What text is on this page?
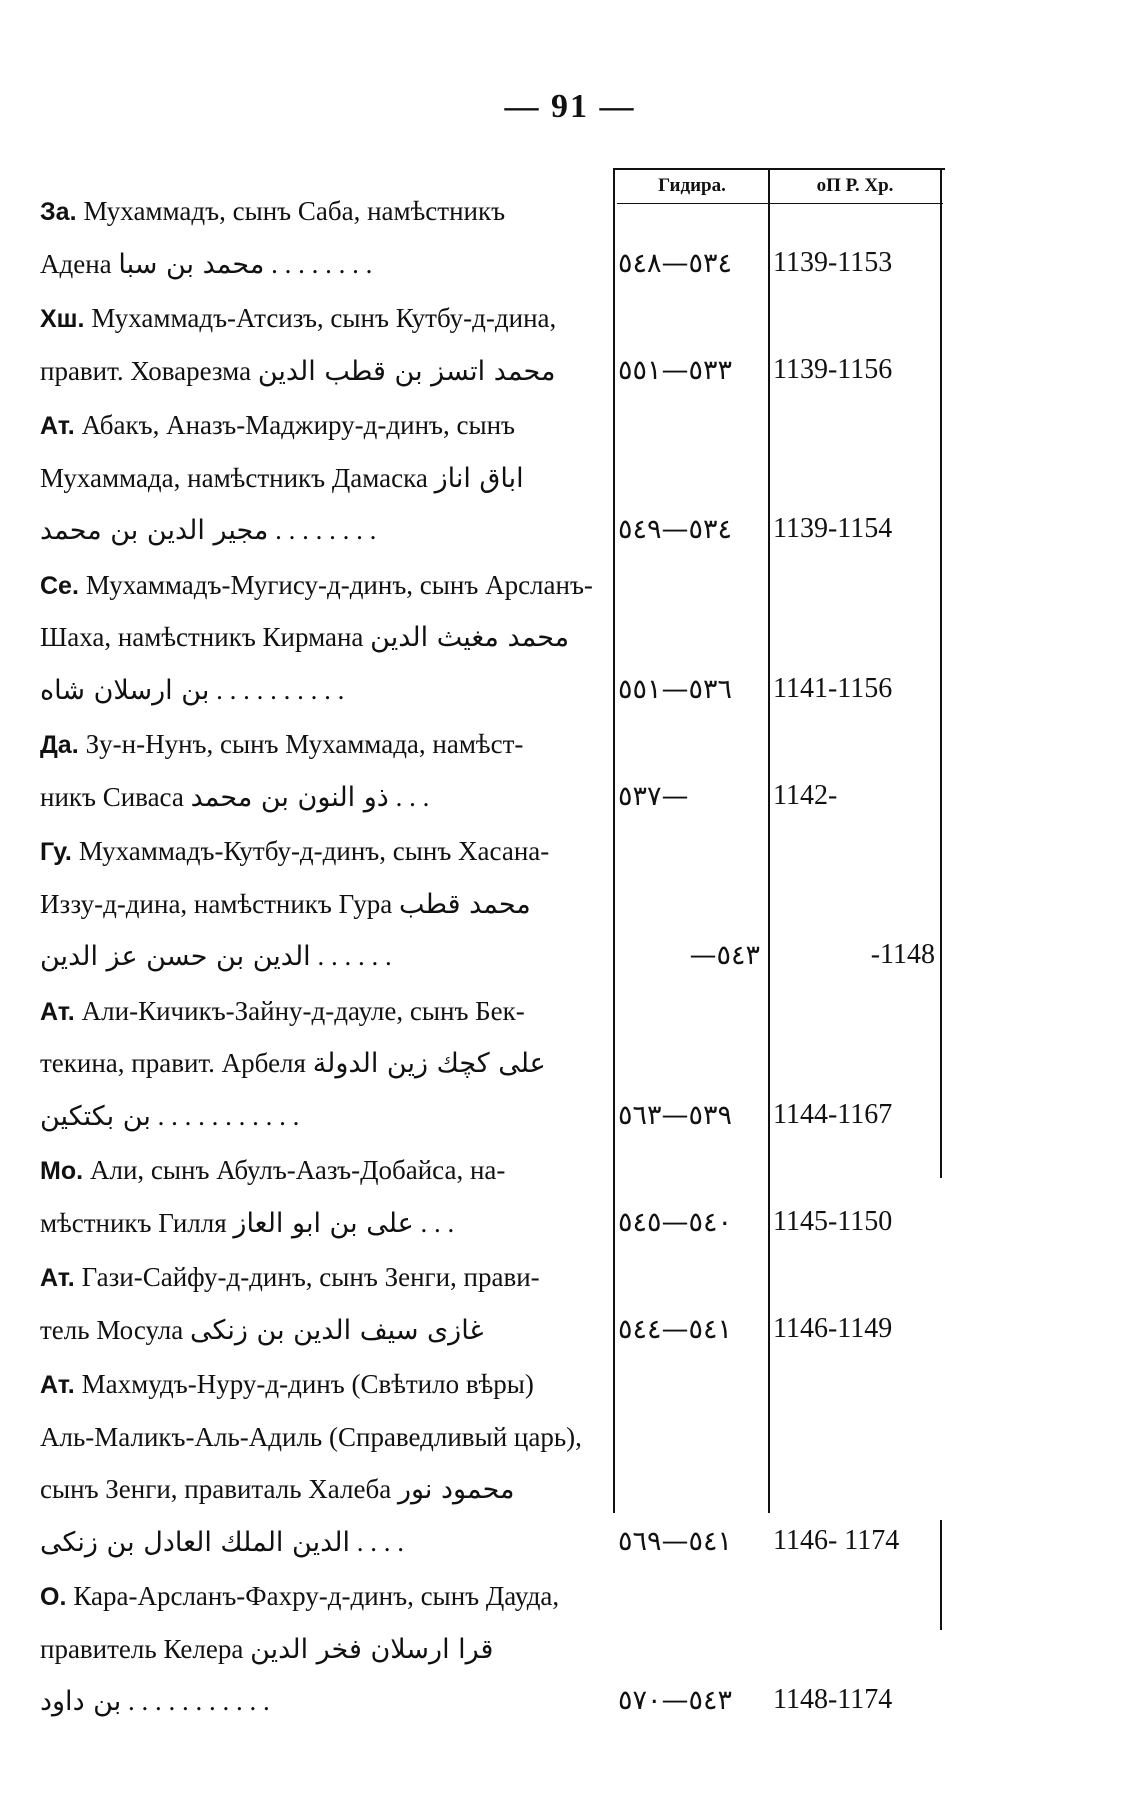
— 91 —
Гидира.	оП Р. Хр.
За. Мухаммадъ, сынъ Саба, намѣстникъ
Адена محمد بن سبا . . . . . . . .	٥٣٤—٥٤٨	1139-1153
Хш. Мухаммадъ-Атсизъ, сынъ Кутбу-д-дина,
правит. Ховарезма محمد اتسز بن قطب الدين	٥٣٣—٥٥١	1139-1156
Ат. Абакъ, Аназъ-Маджиру-д-динъ, сынъ
Мухаммада, намѣстникъ Дамаска اباق اناز
مجير الدين بن محمد . . . . . . . .	٥٣٤—٥٤٩	1139-1154
Се. Мухаммадъ-Мугису-д-динъ, сынъ Арсланъ-
Шаха, намѣстникъ Кирмана محمد مغيث الدين
بن ارسلان شاه . . . . . . . . . .	٥٣٦—٥٥١	1141-1156
Да. Зу-н-Нунъ, сынъ Мухаммада, намѣст-
никъ Сиваса ذو النون بن محمد . . .	٥٣٧—	1142-
Гу. Мухаммадъ-Кутбу-д-динъ, сынъ Хасана-
Иззу-д-дина, намѣстникъ Гура محمد قطب
الدين بن حسن عز الدين . . . . . .	—٥٤٣	-1148
Ат. Али-Кичикъ-Зайну-д-дауле, сынъ Бек-
текина, правит. Арбеля على كچك زين الدولة
بن بكتكين . . . . . . . . . . .	٥٣٩—٥٦٣	1144-1167
Мо. Али, сынъ Абулъ-Аазъ-Добайса, на-
мѣстникъ Гилля على بن ابو العاز . . .	٥٤٠—٥٤٥	1145-1150
Ат. Гази-Сайфу-д-динъ, сынъ Зенги, прави-
тель Мосула غازى سيف الدين بن زنكى	٥٤١—٥٤٤	1146-1149
Ат. Махмудъ-Нуру-д-динъ (Свѣтило вѣры)
Аль-Маликъ-Аль-Адиль (Справедливый царь),
сынъ Зенги, правиталь Халеба محمود نور
الدين الملك العادل بن زنكى . . . .	٥٤١—٥٦٩	1146- 1174
О. Кара-Арсланъ-Фахру-д-динъ, сынъ Дауда,
правитель Келера قرا ارسلان فخر الدين
بن داود . . . . . . . . . . .	٥٤٣—٥٧٠	1148-1174
